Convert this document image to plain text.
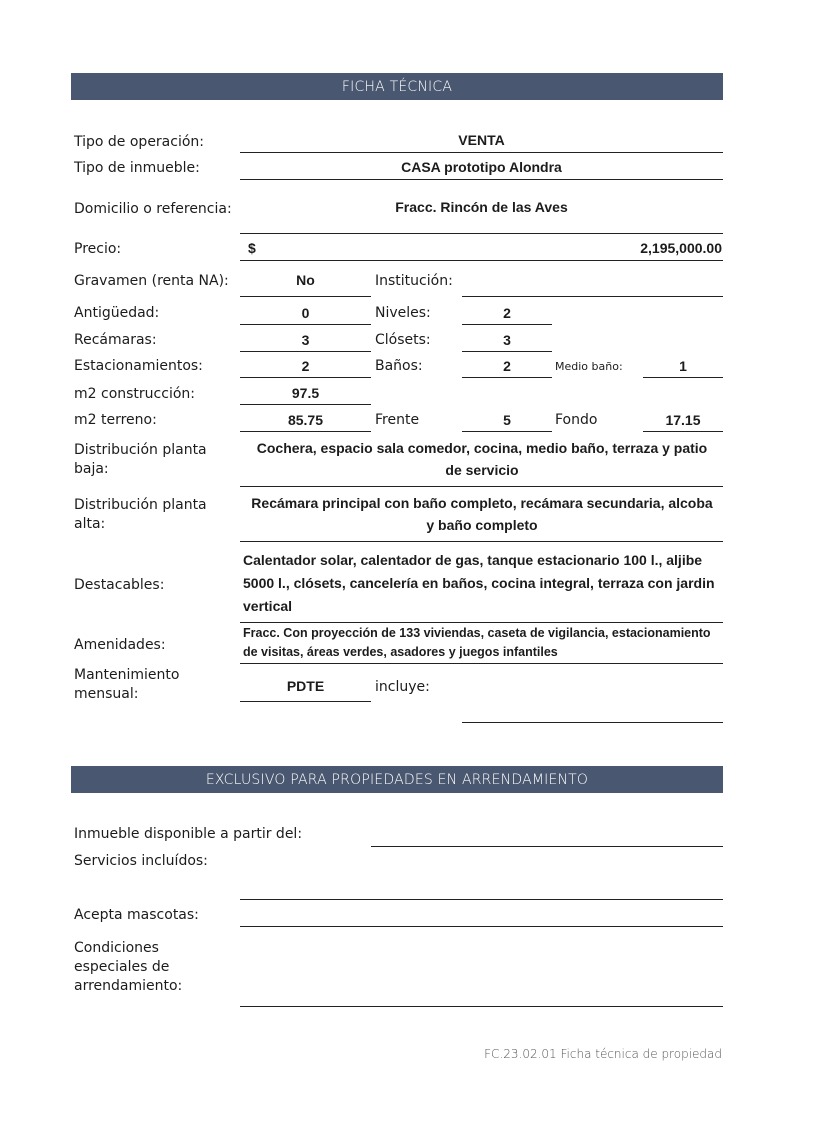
FICHA TÉCNICA
Tipo de operación:	VENTA
Tipo de inmueble:	CASA prototipo Alondra
Domicilio o referencia:	Fracc. Rincón de las Aves
Precio:	$	2,195,000.00
Gravamen (renta NA):	No	Institución:
Antigüedad:	0	Niveles:	2
Recámaras:	3	Clósets:	3
Estacionamientos:	2	Baños:	2	Medio baño:	1
m2 construcción:	97.5
m2 terreno:	85.75	Frente	5	Fondo	17.15
Distribución planta baja:
Cochera, espacio sala comedor, cocina, medio baño, terraza y patio de servicio
Distribución planta alta:
Recámara principal con baño completo, recámara secundaria, alcoba y baño completo
Destacables:
Calentador solar, calentador de gas, tanque estacionario 100 l., aljibe 5000 l., clósets, cancelería en baños, cocina integral, terraza con jardin vertical
Amenidades:
Fracc. Con proyección de 133 viviendas, caseta de vigilancia, estacionamiento de visitas, áreas verdes, asadores y juegos infantiles
Mantenimiento mensual:	PDTE	incluye:
EXCLUSIVO PARA PROPIEDADES EN ARRENDAMIENTO
Inmueble disponible a partir del:
Servicios incluídos:
Acepta mascotas:
Condiciones especiales de arrendamiento:
FC.23.02.01 Ficha técnica de propiedad
